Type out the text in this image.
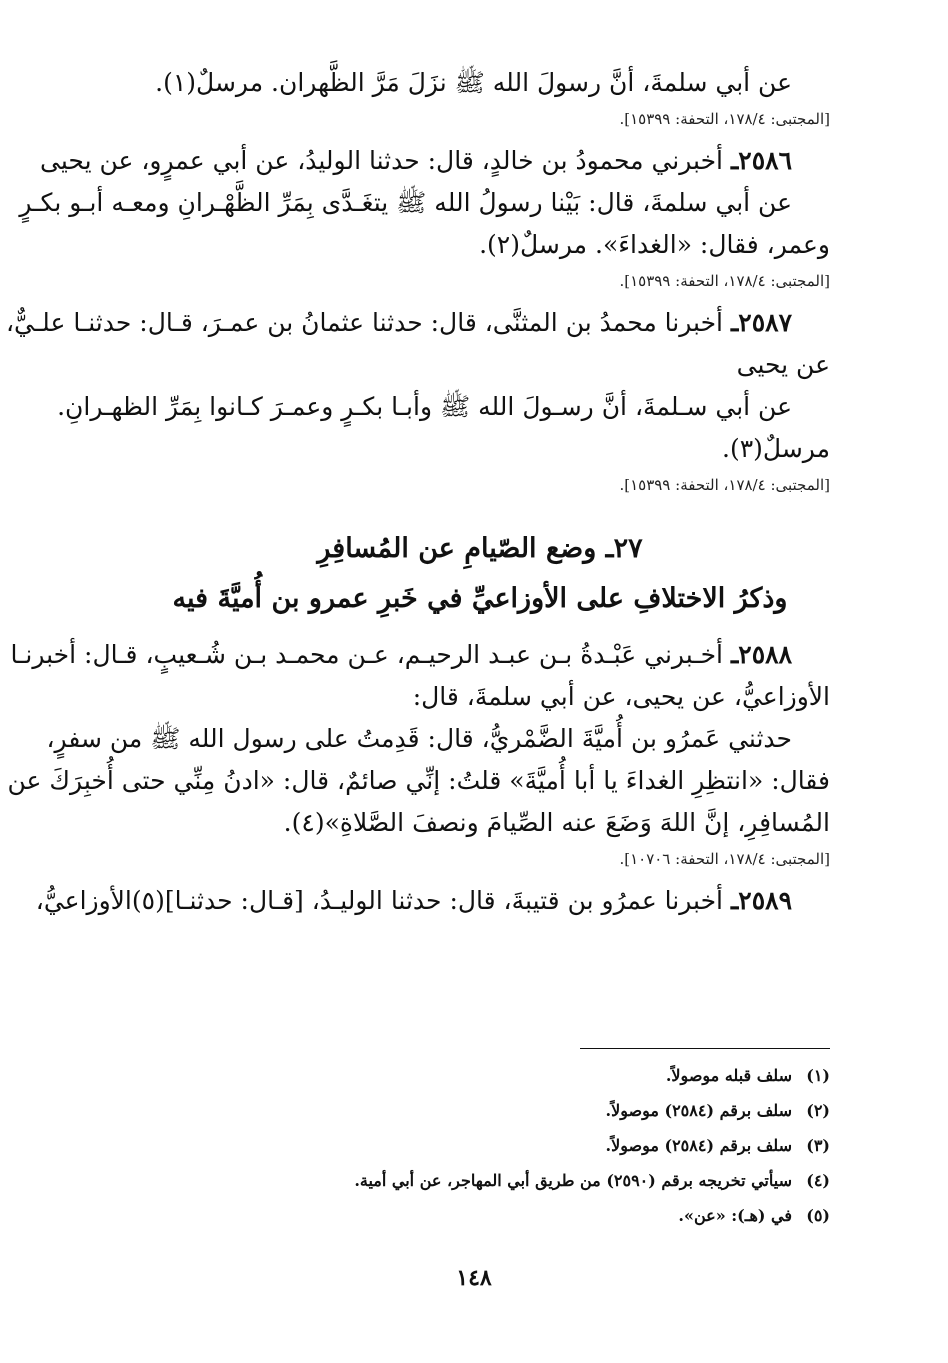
عن أبي سلمةَ، أنَّ رسولَ الله ﷺ نزَلَ مَرَّ الظَّهران. مرسلٌ(١).
[المجتبى: ١٧٨/٤، التحفة: ١٥٣٩٩].
٢٥٨٦ـ أخبرني محمودُ بن خالدٍ، قال: حدثنا الوليدُ، عن أبي عمرٍو، عن يحيى
عن أبي سلمةَ، قال: بَيْنا رسولُ الله ﷺ يتغَـدَّى بِمَرِّ الظَّهْـرانِ ومعـه أبـو بكـرٍ
وعمر، فقال: «الغداءَ». مرسلٌ(٢).
[المجتبى: ١٧٨/٤، التحفة: ١٥٣٩٩].
٢٥٨٧ـ أخبرنا محمدُ بن المثنَّى، قال: حدثنا عثمانُ بن عمـرَ، قـال: حدثنـا علـيٌّ،
عن يحيى
عن أبي سـلمةَ، أنَّ رسـولَ الله ﷺ وأبـا بكـرٍ وعمـرَ كـانوا بِمَرِّ الظهـرانِ.
مرسلٌ(٣).
[المجتبى: ١٧٨/٤، التحفة: ١٥٣٩٩].
٢٧ـ وضع الصّيامِ عن المُسافِرِ
وذكرُ الاختلافِ على الأوزاعيِّ في خَبرِ عمرو بن أُميَّةَ فيه
٢٥٨٨ـ أخـبرني عَبْـدةُ بـن عبـد الرحيـم، عـن محمـد بـن شُـعيبٍ، قـال: أخبرنـا
الأوزاعيُّ، عن يحيى، عن أبي سلمةَ، قال:
حدثني عَمرُو بن أُميَّةَ الضَّمْريُّ، قال: قَدِمتُ على رسول الله ﷺ من سفرٍ،
فقال: «انتظِرِ الغداءَ يا أبا أُميَّةَ» قلتُ: إنِّي صائمٌ، قال: «ادنُ مِنِّي حتى أُخبِرَكَ عن
المُسافِرِ، إنَّ اللهَ وَضَعَ عنه الصِّيامَ ونصفَ الصَّلاةِ»(٤).
[المجتبى: ١٧٨/٤، التحفة: ١٠٧٠٦].
٢٥٨٩ـ أخبرنا عمرُو بن قتيبةَ، قال: حدثنا الوليـدُ، [قـال: حدثنـا](٥)الأوزاعيُّ،
(١)سلف قبله موصولاً.
(٢)سلف برقم (٢٥٨٤) موصولاً.
(٣)سلف برقم (٢٥٨٤) موصولاً.
(٤)سيأتي تخريجه برقم (٢٥٩٠) من طريق أبي المهاجر، عن أبي أمية.
(٥)في (هـ): «عن».
١٤٨
